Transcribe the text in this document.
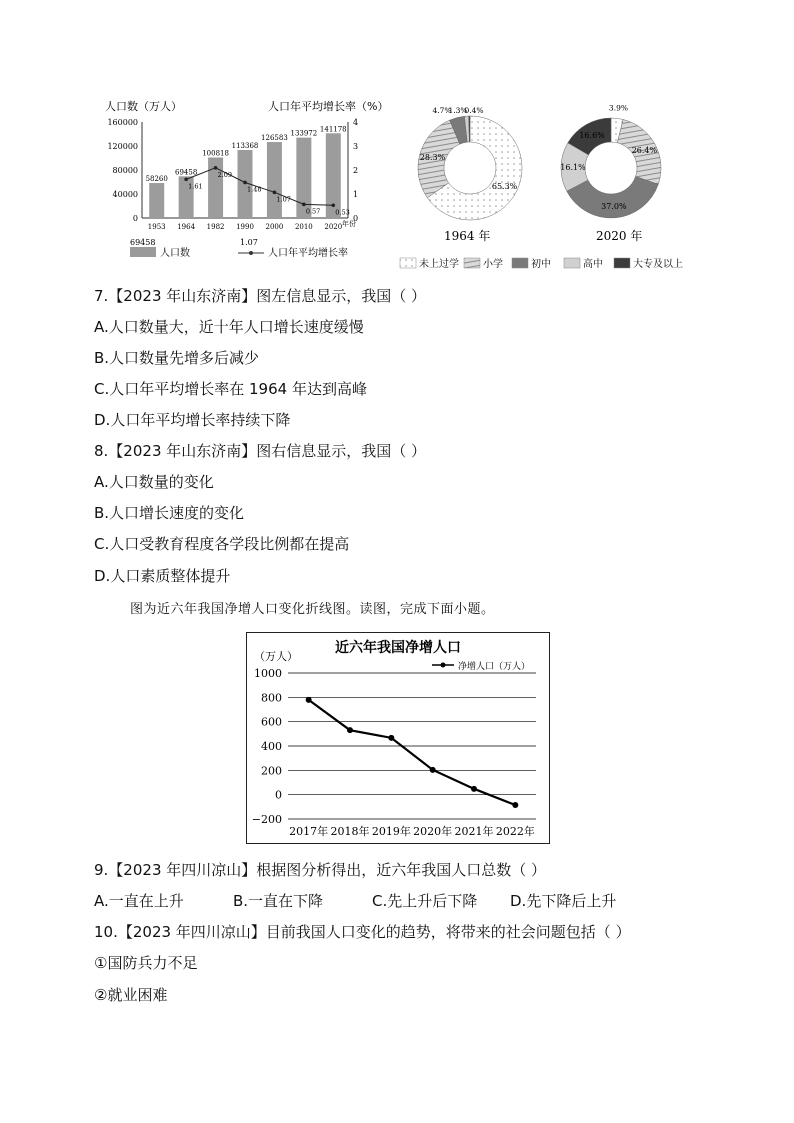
人口数（万人）	人口年平均增长率（%）
0
40000
80000
120000
160000
0
1
2
3
4
58260
1953
69458
1964
100818
1982
113368
1990
126583
2000
133972
2010
141178
2020
1.61
2.09
1.48
1.07
0.57 0.53
年份
69458
人口数
1.07
人口年平均增长率
65.3%
28.3%
4.7%
1.3%
0.4%	3.9%
26.4%
37.0%
16.1%
16.6%
1964 年	2020 年
未上过学 小学	初中	高中	大专及以上
7.【2023 年山东济南】图左信息显示，我国（ ）
A.人口数量大，近十年人口增长速度缓慢
B.人口数量先增多后减少
C.人口年平均增长率在 1964 年达到高峰
D.人口年平均增长率持续下降
8.【2023 年山东济南】图右信息显示，我国（ ）
A.人口数量的变化
B.人口增长速度的变化
C.人口受教育程度各学段比例都在提高
D.人口素质整体提升
图为近六年我国净增人口变化折线图。读图，完成下面小题。
近六年我国净增人口
（万人）
净增人口（万人）
−200
0
200
400
600
800
1000
2017年 2018年 2019年 2020年 2021年 2022年
9.【2023 年四川凉山】根据图分析得出，近六年我国人口总数（ ）
A.一直在上升	B.一直在下降	C.先上升后下降 D.先下降后上升
10.【2023 年四川凉山】目前我国人口变化的趋势，将带来的社会问题包括（ ）
①国防兵力不足
②就业困难
